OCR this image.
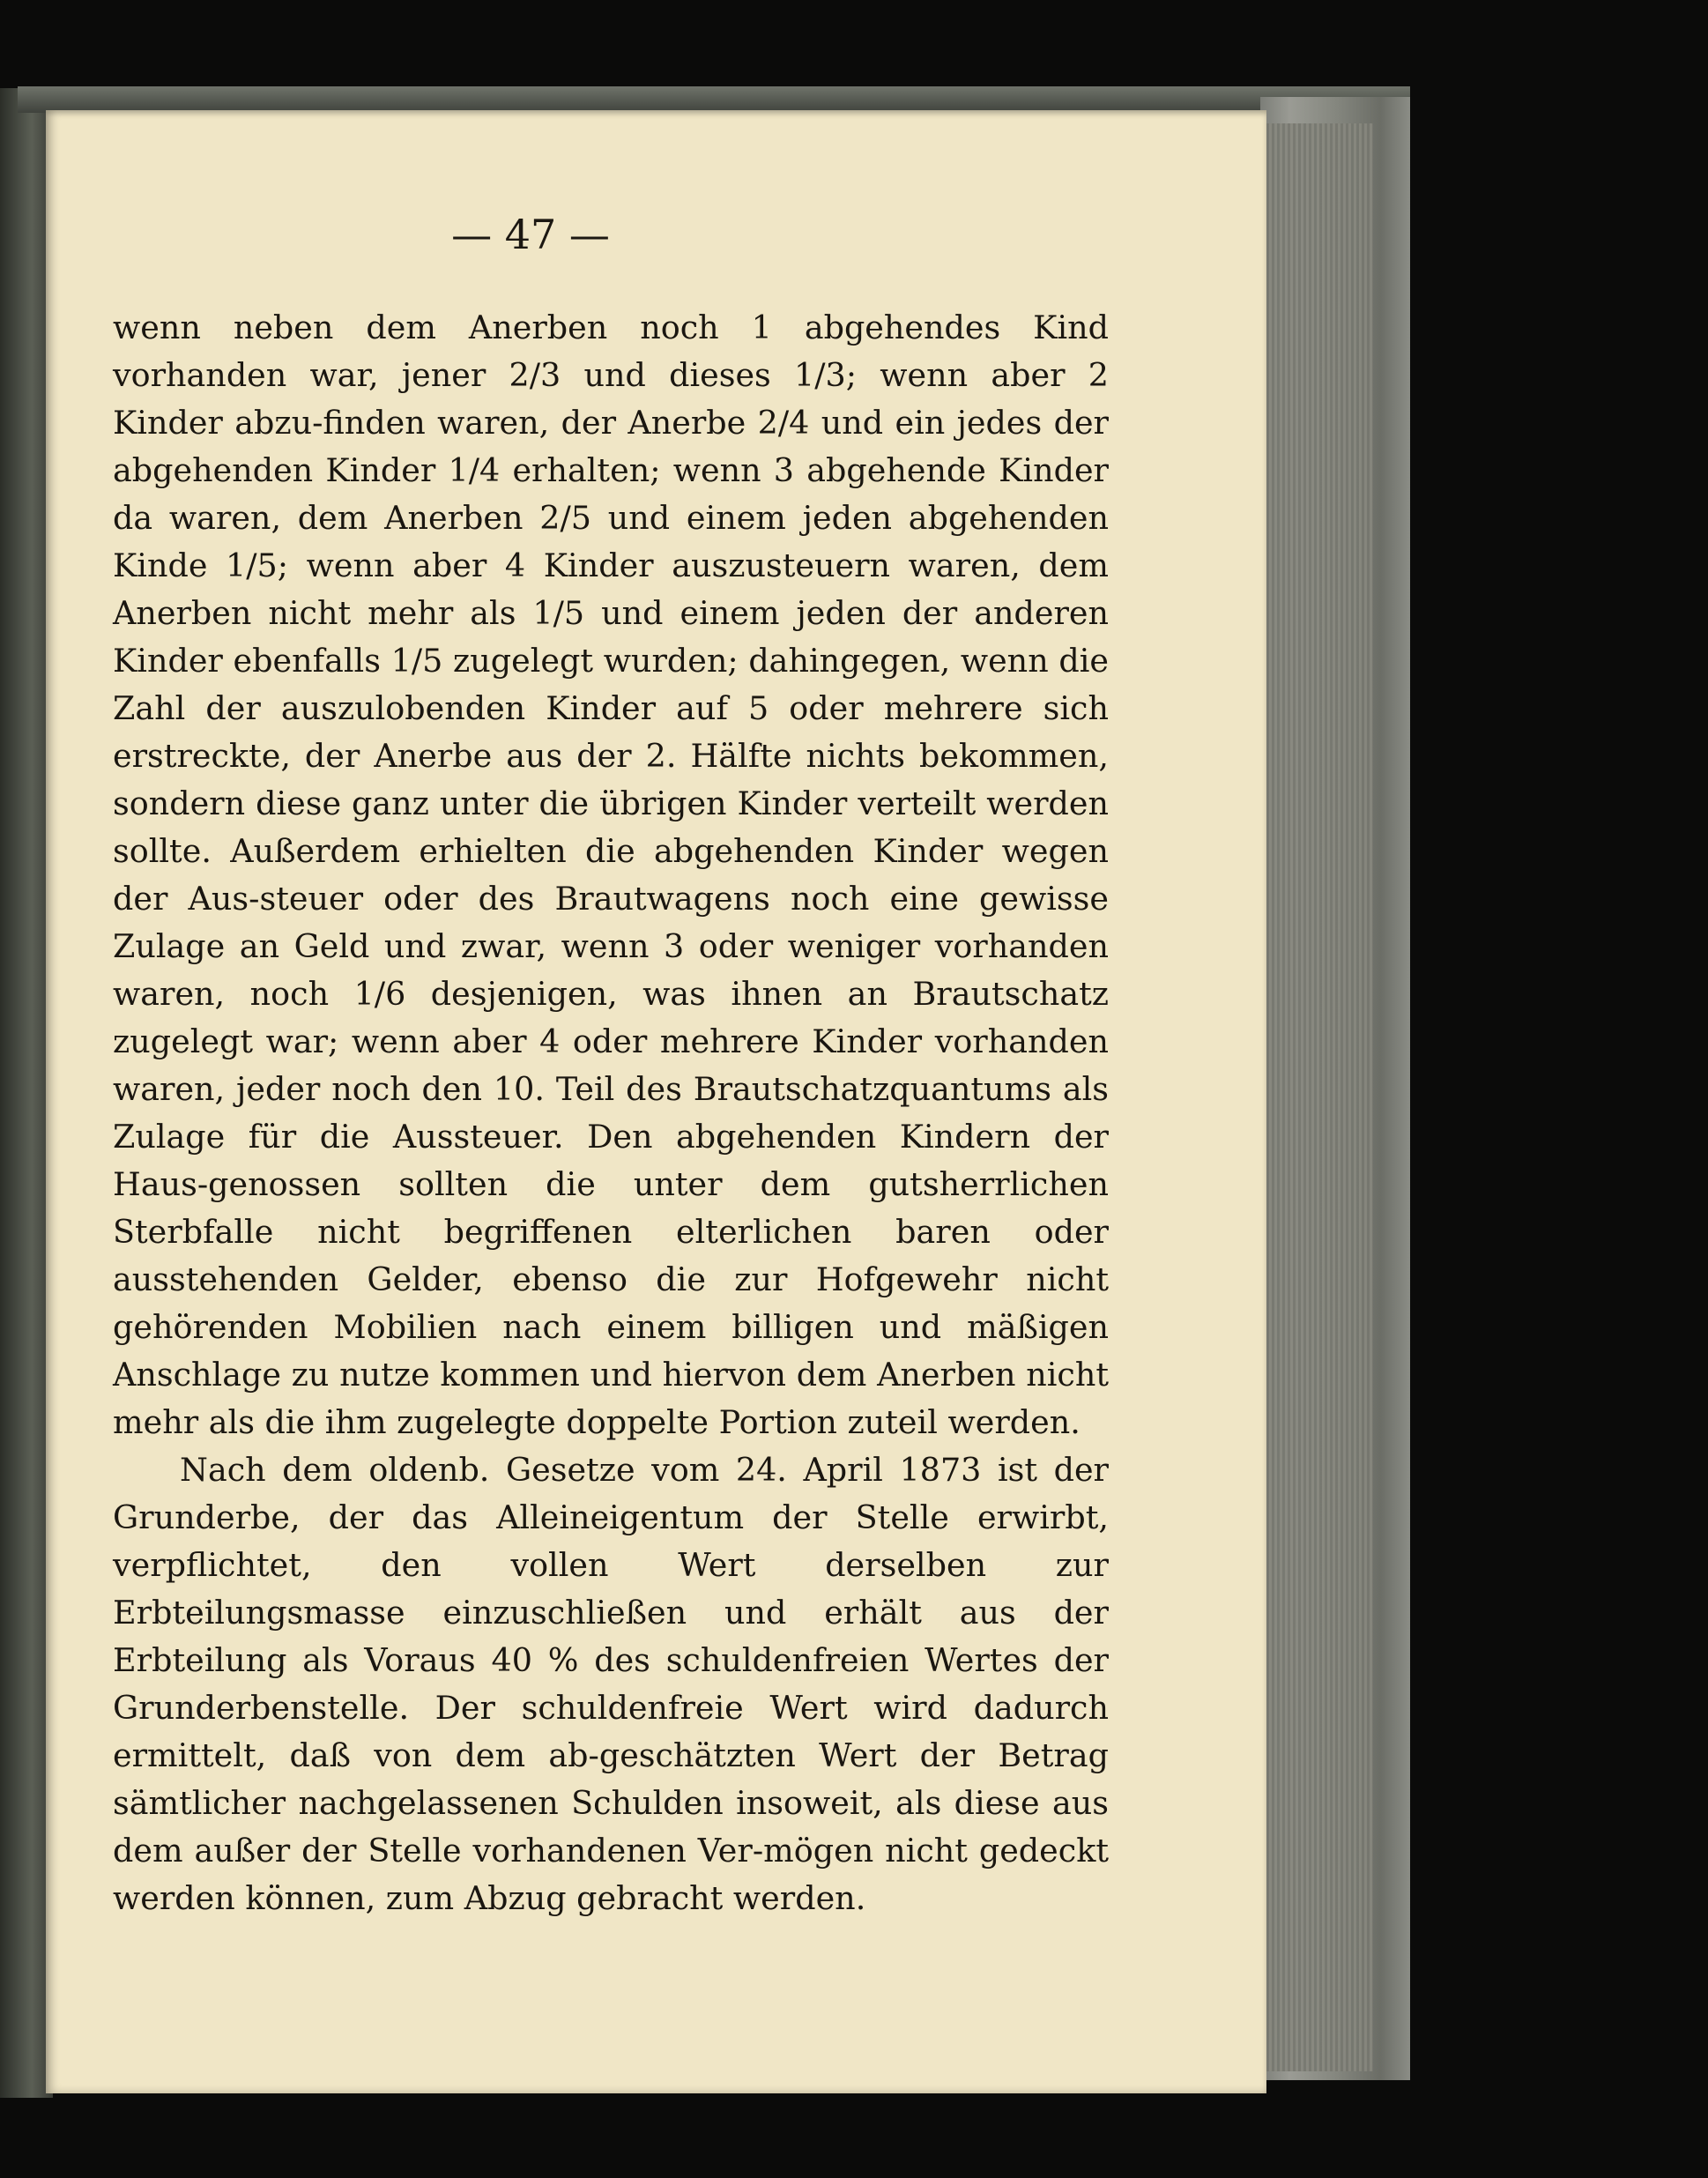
— 47 —

wenn neben dem Anerben noch 1 abgehendes Kind vorhanden war, jener 2/3 und dieses 1/3; wenn aber 2 Kinder abzu-finden waren, der Anerbe 2/4 und ein jedes der abgehenden Kinder 1/4 erhalten; wenn 3 abgehende Kinder da waren, dem Anerben 2/5 und einem jeden abgehenden Kinde 1/5; wenn aber 4 Kinder auszusteuern waren, dem Anerben nicht mehr als 1/5 und einem jeden der anderen Kinder ebenfalls 1/5 zugelegt wurden; dahingegen, wenn die Zahl der auszulobenden Kinder auf 5 oder mehrere sich erstreckte, der Anerbe aus der 2. Hälfte nichts bekommen, sondern diese ganz unter die übrigen Kinder verteilt werden sollte. Außerdem erhielten die abgehenden Kinder wegen der Aus-steuer oder des Brautwagens noch eine gewisse Zulage an Geld und zwar, wenn 3 oder weniger vorhanden waren, noch 1/6 desjenigen, was ihnen an Brautschatz zugelegt war; wenn aber 4 oder mehrere Kinder vorhanden waren, jeder noch den 10. Teil des Brautschatzquantums als Zulage für die Aussteuer. Den abgehenden Kindern der Haus-genossen sollten die unter dem gutsherrlichen Sterbfalle nicht begriffenen elterlichen baren oder ausstehenden Gelder, ebenso die zur Hofgewehr nicht gehörenden Mobilien nach einem billigen und mäßigen Anschlage zu nutze kommen und hiervon dem Anerben nicht mehr als die ihm zugelegte doppelte Portion zuteil werden.

Nach dem oldenb. Gesetze vom 24. April 1873 ist der Grunderbe, der das Alleineigentum der Stelle erwirbt, verpflichtet, den vollen Wert derselben zur Erbteilungsmasse einzuschließen und erhält aus der Erbteilung als Voraus 40 % des schuldenfreien Wertes der Grunderbenstelle. Der schuldenfreie Wert wird dadurch ermittelt, daß von dem ab-geschätzten Wert der Betrag sämtlicher nachgelassenen Schulden insoweit, als diese aus dem außer der Stelle vorhandenen Ver-mögen nicht gedeckt werden können, zum Abzug gebracht werden.
